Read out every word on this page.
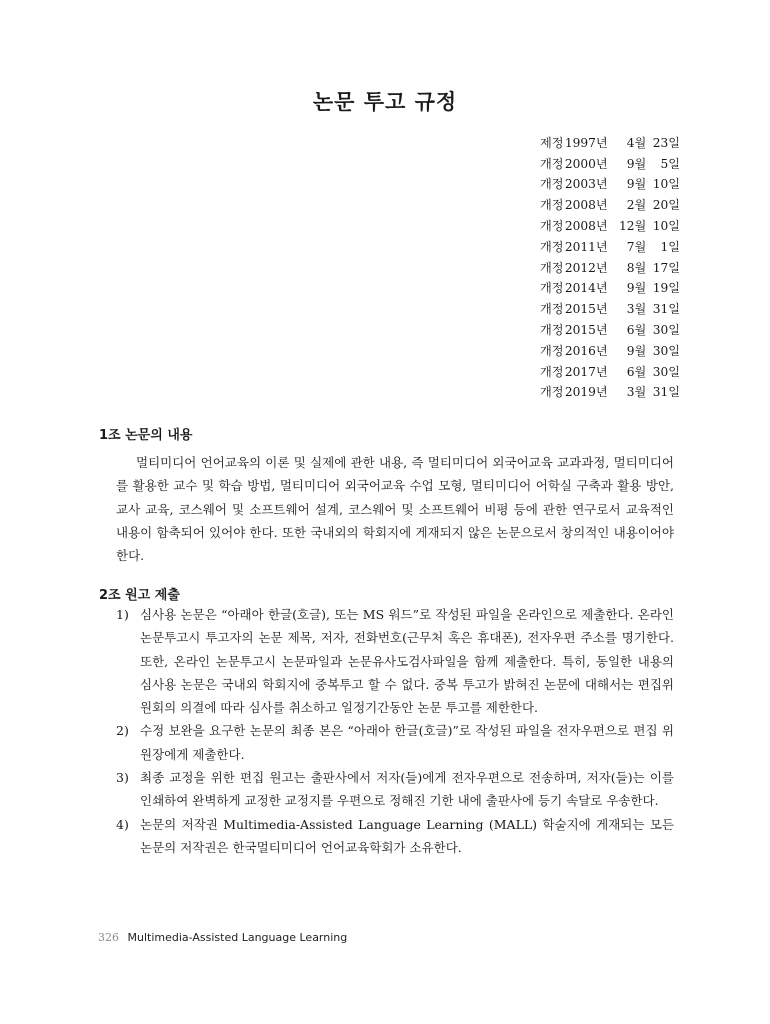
논문 투고 규정
제정 1997년	4월 23일
개정 2000년	9월	5일
개정 2003년	9월 10일
개정 2008년	2월 20일
개정 2008년 12월 10일
개정 2011년	7월	1일
개정 2012년	8월 17일
개정 2014년	9월 19일
개정 2015년	3월 31일
개정 2015년	6월 30일
개정 2016년	9월 30일
개정 2017년	6월 30일
개정 2019년	3월 31일
1조 논문의 내용

멀티미디어 언어교육의 이론 및 실제에 관한 내용, 즉 멀티미디어 외국어교육 교과과정, 멀티미디어를 활용한 교수 및 학습 방법, 멀티미디어 외국어교육 수업 모형, 멀티미디어 어학실 구축과 활용 방안, 교사 교육, 코스웨어 및 소프트웨어 설계, 코스웨어 및 소프트웨어 비평 등에 관한 연구로서 교육적인 내용이 함축되어 있어야 한다. 또한 국내외의 학회지에 게재되지 않은 논문으로서 창의적인 내용이어야 한다.

2조 원고 제출
1) 심사용 논문은 “아래아 한글(호글), 또는 MS 워드”로 작성된 파일을 온라인으로 제출한다. 온라인 논문투고시 투고자의 논문 제목, 저자, 전화번호(근무처 혹은 휴대폰), 전자우편 주소를 명기한다. 또한, 온라인 논문투고시 논문파일과 논문유사도검사파일을 함께 제출한다. 특히, 동일한 내용의 심사용 논문은 국내외 학회지에 중복투고 할 수 없다. 중복 투고가 밝혀진 논문에 대해서는 편집위원회의 의결에 따라 심사를 취소하고 일정기간동안 논문 투고를 제한한다.
2) 수정 보완을 요구한 논문의 최종 본은 “아래아 한글(호글)”로 작성된 파일을 전자우편으로 편집 위원장에게 제출한다.
3) 최종 교정을 위한 편집 원고는 출판사에서 저자(들)에게 전자우편으로 전송하며, 저자(들)는 이를 인쇄하여 완벽하게 교정한 교정지를 우편으로 정해진 기한 내에 출판사에 등기 속달로 우송한다.
4) 논문의 저작권 Multimedia-Assisted Language Learning (MALL) 학술지에 게재되는 모든 논문의 저작권은 한국멀티미디어 언어교육학회가 소유한다.
326 Multimedia-Assisted Language Learning
